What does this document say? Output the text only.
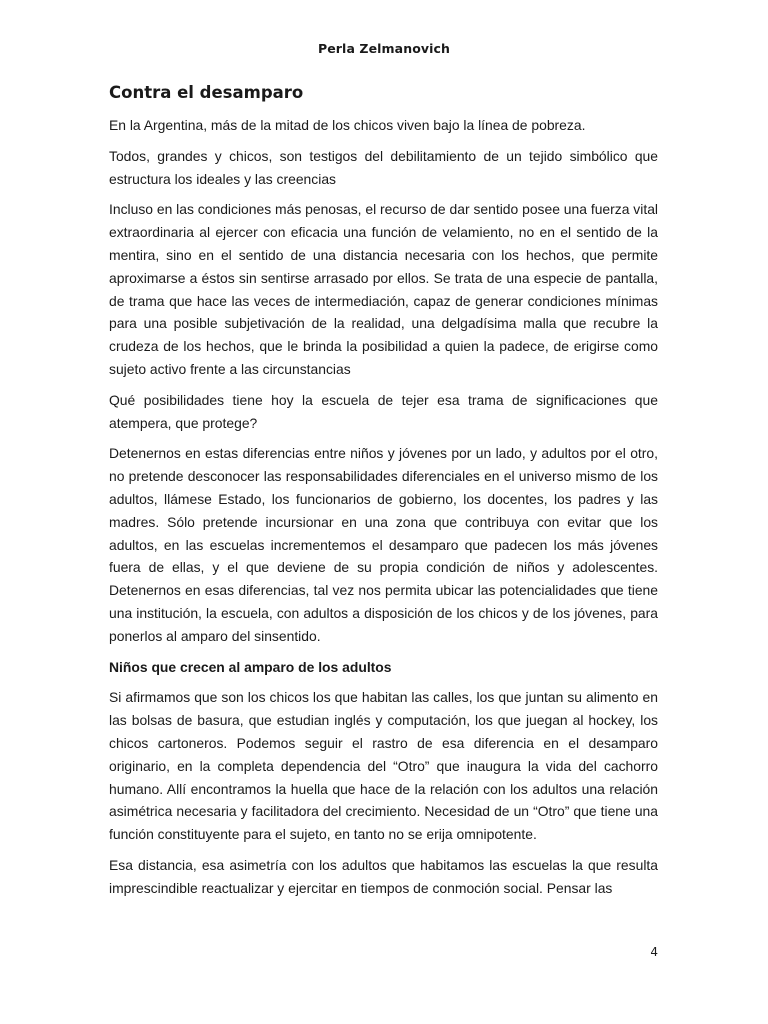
Perla Zelmanovich
Contra el desamparo

En la Argentina, más de la mitad de los chicos viven bajo la línea de pobreza.

Todos, grandes y chicos, son testigos del debilitamiento de un tejido simbólico que estructura los ideales y las creencias

Incluso en las condiciones más penosas, el recurso de dar sentido posee una fuerza vital extraordinaria al ejercer con eficacia una función de velamiento, no en el sentido de la mentira, sino en el sentido de una distancia necesaria con los hechos, que permite aproximarse a éstos sin sentirse arrasado por ellos. Se trata de una especie de pantalla, de trama que hace las veces de intermediación, capaz de generar condiciones mínimas para una posible subjetivación de la realidad, una delgadísima malla que recubre la crudeza de los hechos, que le brinda la posibilidad a quien la padece, de erigirse como sujeto activo frente a las circunstancias

Qué posibilidades tiene hoy la escuela de tejer esa trama de significaciones que atempera, que protege?

Detenernos en estas diferencias entre niños y jóvenes por un lado, y adultos por el otro, no pretende desconocer las responsabilidades diferenciales en el universo mismo de los adultos, llámese Estado, los funcionarios de gobierno, los docentes, los padres y las madres. Sólo pretende incursionar en una zona que contribuya con evitar que los adultos, en las escuelas incrementemos el desamparo que padecen los más jóvenes fuera de ellas, y el que deviene de su propia condición de niños y adolescentes. Detenernos en esas diferencias, tal vez nos permita ubicar las potencialidades que tiene una institución, la escuela, con adultos a disposición de los chicos y de los jóvenes, para ponerlos al amparo del sinsentido.

Niños que crecen al amparo de los adultos

Si afirmamos que son los chicos los que habitan las calles, los que juntan su alimento en las bolsas de basura, que estudian inglés y computación, los que juegan al hockey, los chicos cartoneros. Podemos seguir el rastro de esa diferencia en el desamparo originario, en la completa dependencia del “Otro” que inaugura la vida del cachorro humano. Allí encontramos la huella que hace de la relación con los adultos una relación asimétrica necesaria y facilitadora del crecimiento. Necesidad de un “Otro” que tiene una función constituyente para el sujeto, en tanto no se erija omnipotente.

Esa distancia, esa asimetría con los adultos que habitamos las escuelas la que resulta imprescindible reactualizar y ejercitar en tiempos de conmoción social. Pensar las

4
